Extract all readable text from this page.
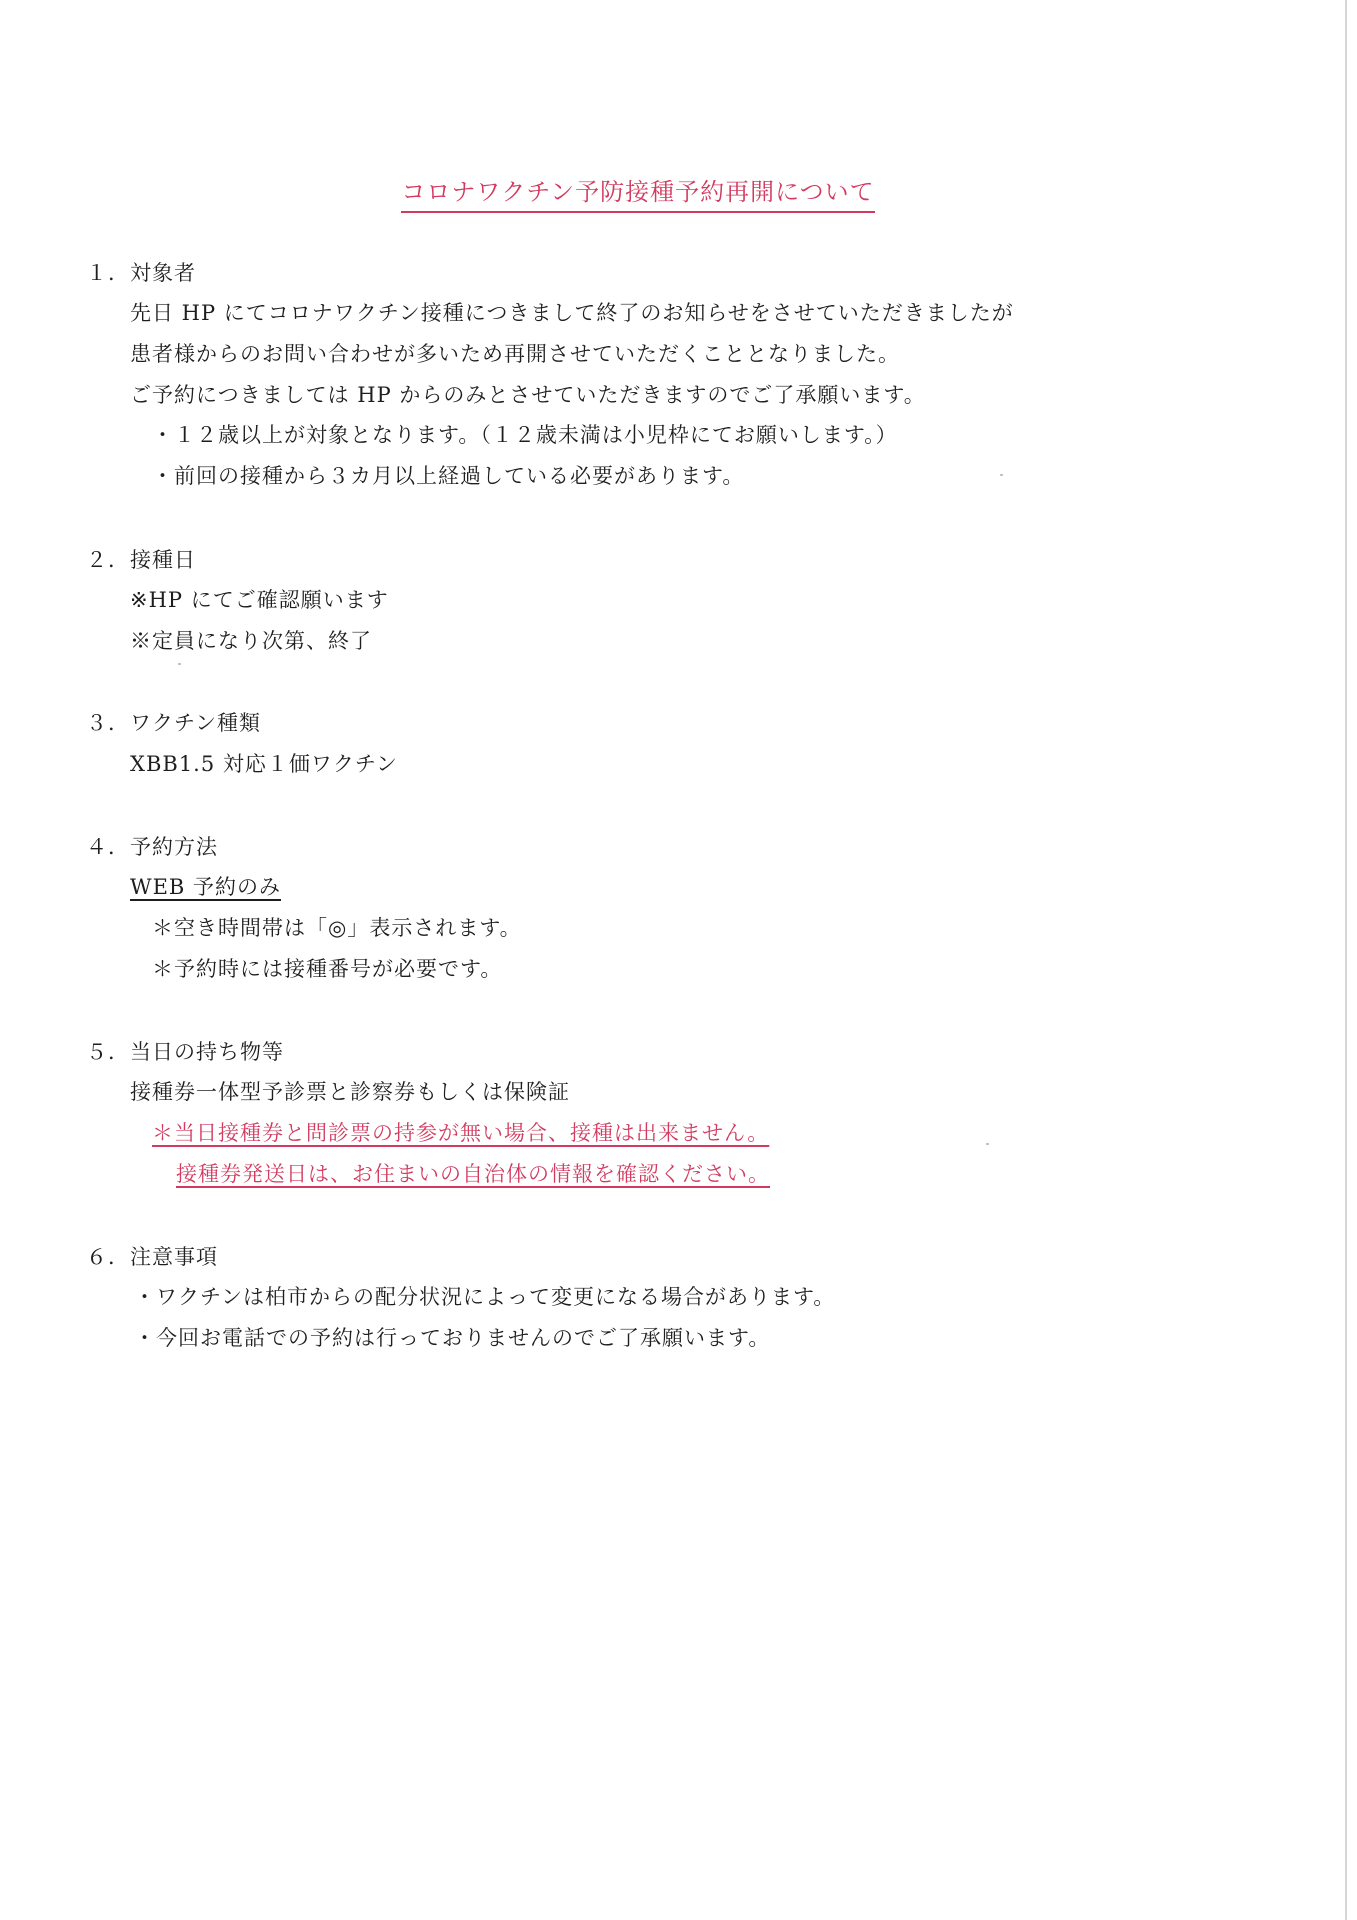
コロナワクチン予防接種予約再開について
１．対象者
先日 HP にてコロナワクチン接種につきまして終了のお知らせをさせていただきましたが
患者様からのお問い合わせが多いため再開させていただくこととなりました。
ご予約につきましては HP からのみとさせていただきますのでご了承願います。
・１２歳以上が対象となります。（１２歳未満は小児枠にてお願いします。）
・前回の接種から３カ月以上経過している必要があります。
２．接種日
※HP にてご確認願います
※定員になり次第、終了
３．ワクチン種類
XBB1.5 対応１価ワクチン
４．予約方法
WEB 予約のみ
＊空き時間帯は「◎」表示されます。
＊予約時には接種番号が必要です。
５．当日の持ち物等
接種券一体型予診票と診察券もしくは保険証
＊当日接種券と問診票の持参が無い場合、接種は出来ません。
接種券発送日は、お住まいの自治体の情報を確認ください。
６．注意事項
・ワクチンは柏市からの配分状況によって変更になる場合があります。
・今回お電話での予約は行っておりませんのでご了承願います。
